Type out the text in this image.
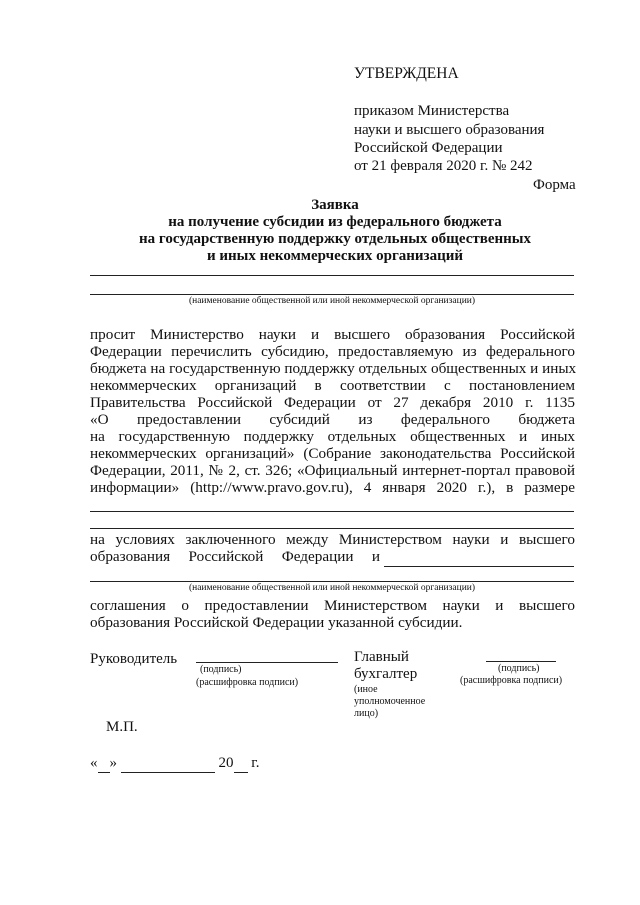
УТВЕРЖДЕНА
приказом Министерства
науки и высшего образования
Российской Федерации
от 21 февраля 2020 г. № 242
Форма
Заявка
на получение субсидии из федерального бюджета
на государственную поддержку отдельных общественных
и иных некоммерческих организаций
(наименование общественной или иной некоммерческой организации)
просит Министерство науки и высшего образования Российской
Федерации перечислить субсидию, предоставляемую из федерального
бюджета на государственную поддержку отдельных общественных и иных
некоммерческих организаций в соответствии с постановлением
Правительства Российской Федерации от 27 декабря 2010 г. 1135
«О предоставлении субсидий из федерального бюджета
на государственную поддержку отдельных общественных и иных
некоммерческих организаций» (Собрание законодательства Российской
Федерации, 2011, № 2, ст. 326; «Официальный интернет-портал правовой
информации» (http://www.pravo.gov.ru), 4 января 2020 г.), в размере
на условиях заключенного между Министерством науки и высшего
образования Российской Федерации и
(наименование общественной или иной некоммерческой организации)
соглашения о предоставлении Министерством науки и высшего
образования Российской Федерации указанной субсидии.
Руководитель
(подпись)
(расшифровка подписи)
Главный
бухгалтер
(иное
уполномоченное
лицо)
(подпись)
(расшифровка подписи)
М.П.
« »	20 г.
